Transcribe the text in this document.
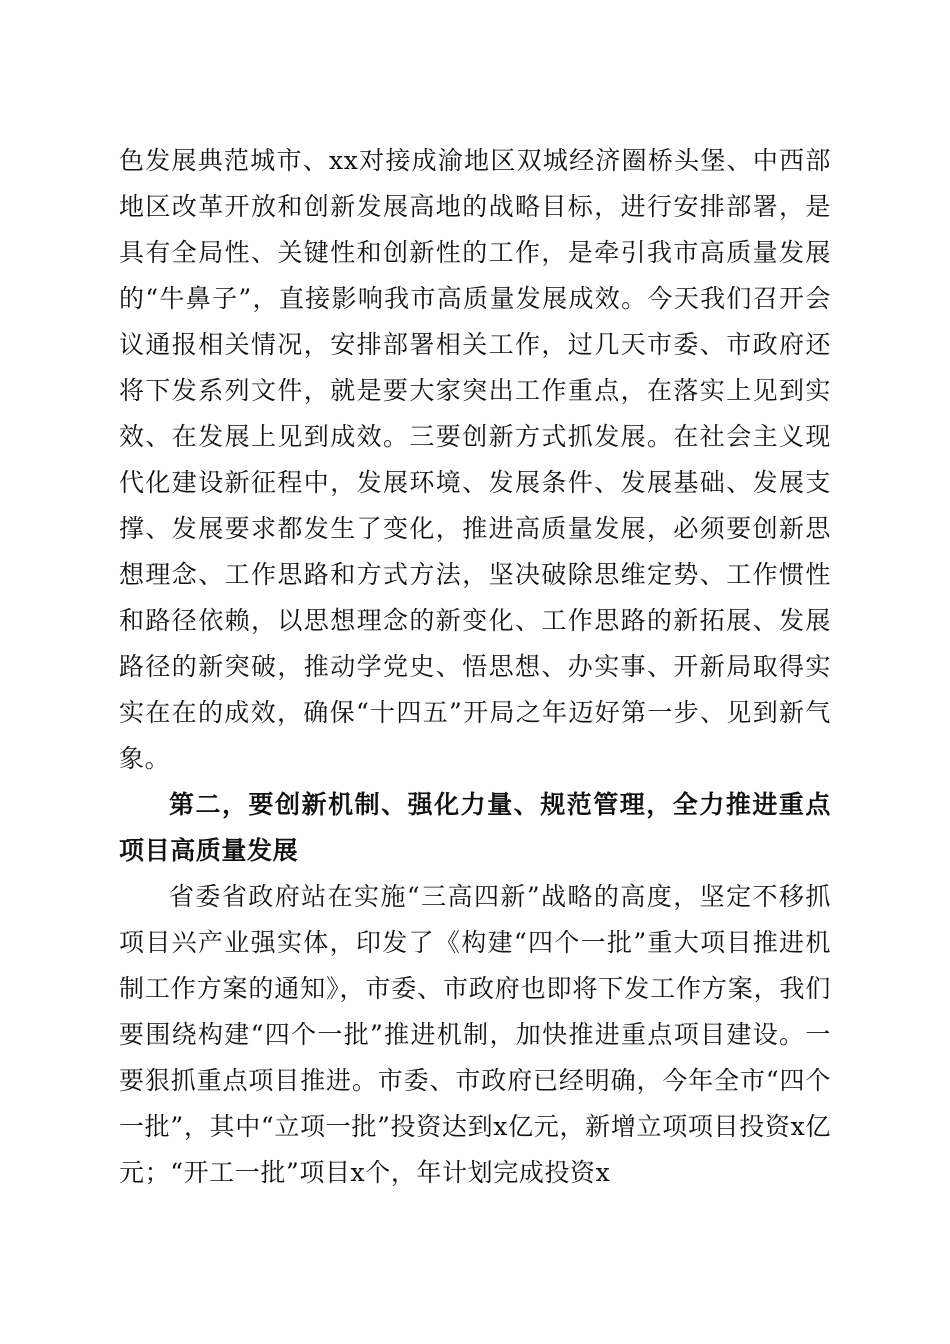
色发展典范城市、xx对接成渝地区双城经济圈桥头堡、中西部地区改革开放和创新发展高地的战略目标，进行安排部署，是具有全局性、关键性和创新性的工作，是牵引我市高质量发展的“牛鼻子”，直接影响我市高质量发展成效。今天我们召开会议通报相关情况，安排部署相关工作，过几天市委、市政府还将下发系列文件，就是要大家突出工作重点，在落实上见到实效、在发展上见到成效。三要创新方式抓发展。在社会主义现代化建设新征程中，发展环境、发展条件、发展基础、发展支撑、发展要求都发生了变化，推进高质量发展，必须要创新思想理念、工作思路和方式方法，坚决破除思维定势、工作惯性和路径依赖，以思想理念的新变化、工作思路的新拓展、发展路径的新突破，推动学党史、悟思想、办实事、开新局取得实实在在的成效，确保“十四五”开局之年迈好第一步、见到新气象。

第二，要创新机制、强化力量、规范管理，全力推进重点项目高质量发展

省委省政府站在实施“三高四新”战略的高度，坚定不移抓项目兴产业强实体，印发了《构建“四个一批”重大项目推进机制工作方案的通知》，市委、市政府也即将下发工作方案，我们要围绕构建“四个一批”推进机制，加快推进重点项目建设。一要狠抓重点项目推进。市委、市政府已经明确，今年全市“四个一批”，其中“立项一批”投资达到x亿元，新增立项项目投资x亿元；“开工一批”项目x个，年计划完成投资x
